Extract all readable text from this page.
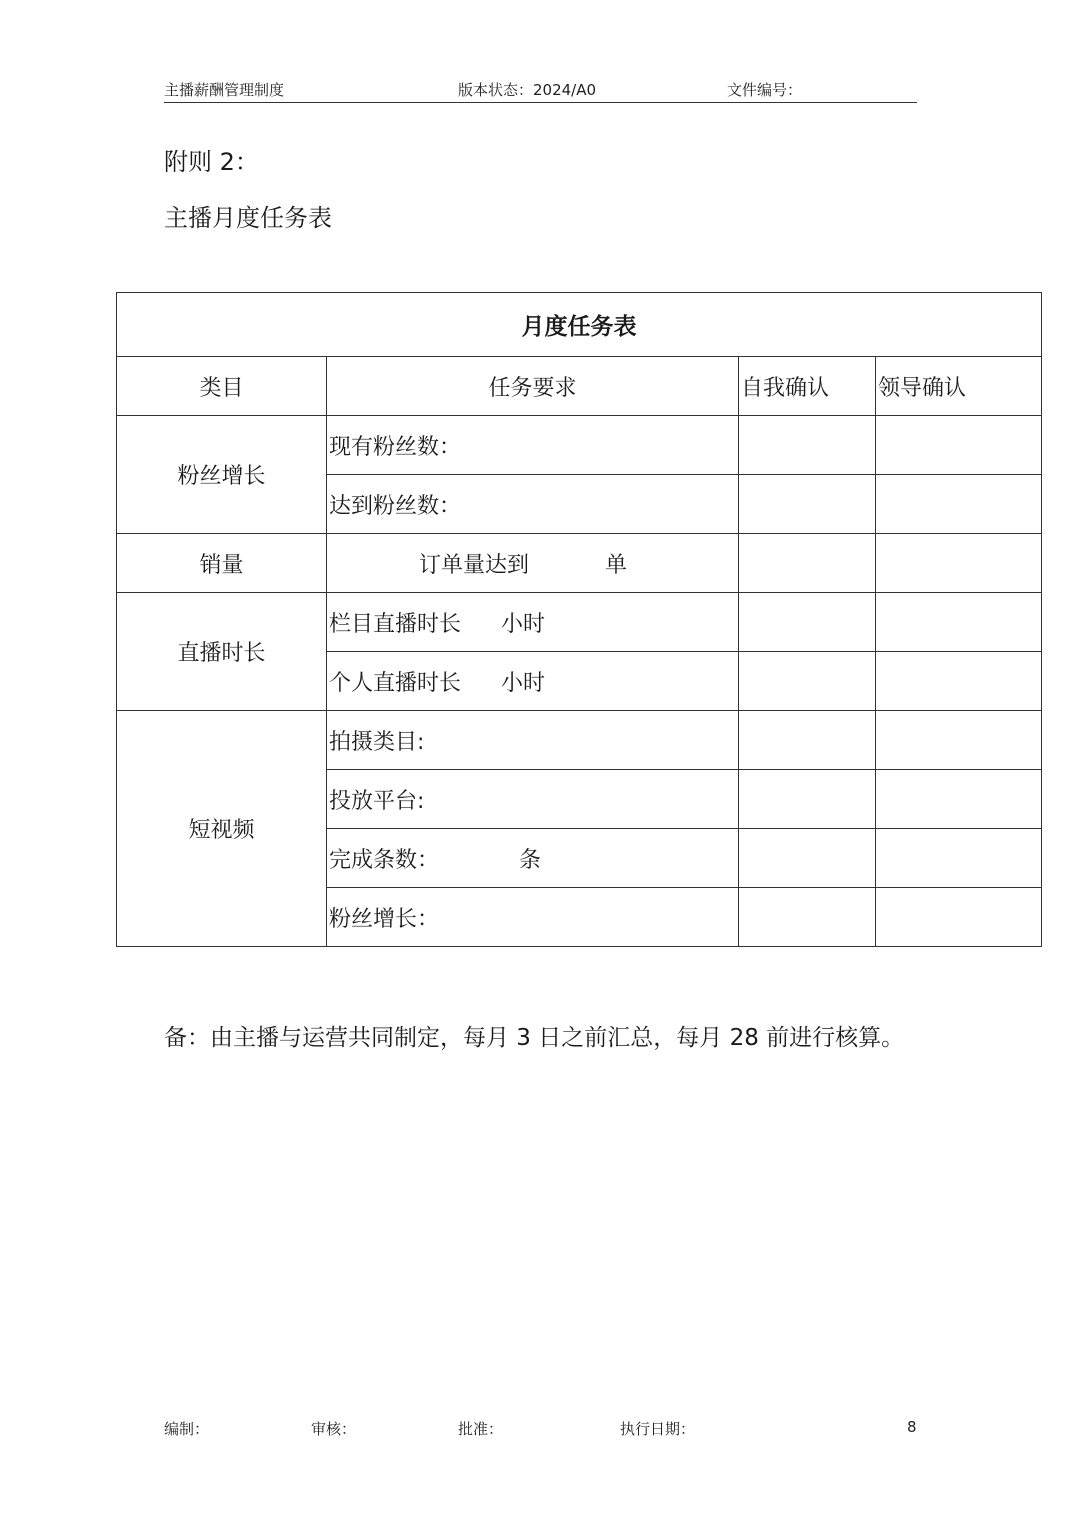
主播薪酬管理制度	版本状态：2024/A0	文件编号：
附则 2：
主播月度任务表
月度任务表			
类目	任务要求	自我确认	领导确认
粉丝增长	现有粉丝数：		
	达到粉丝数：		
销量	订单量达到 单		
直播时长	栏目直播时长 小时		
	个人直播时长 小时		
短视频	拍摄类目:		
	投放平台:		
	完成条数： 条		
	粉丝增长：		
备：由主播与运营共同制定，每月 3 日之前汇总，每月 28 前进行核算。
编制：	审核：	批准：	执行日期：	8
